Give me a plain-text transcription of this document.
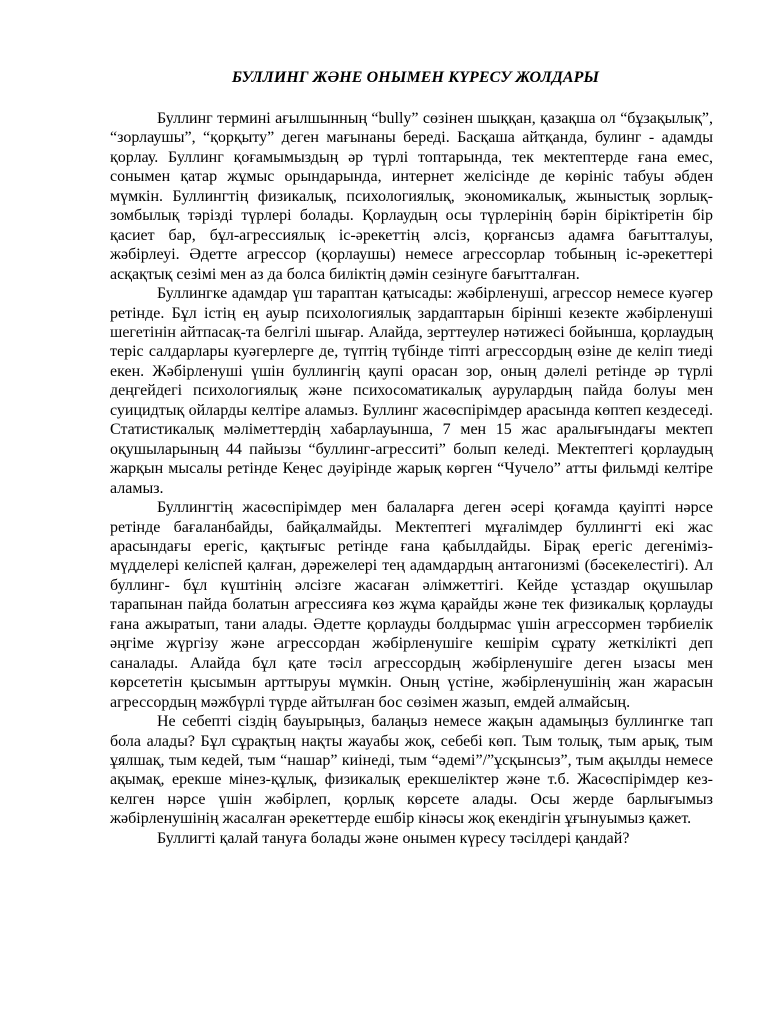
БУЛЛИНГ ЖӘНЕ ОНЫМЕН КҮРЕСУ ЖОЛДАРЫ

Буллинг термині ағылшынның “bully” сөзінен шыққан, қазақша ол “бұзақылық”, “зорлаушы”, “қорқыту” деген мағынаны береді. Басқаша айтқанда, булинг - адамды қорлау. Буллинг қоғамымыздың әр түрлі топтарында, тек мектептерде ғана емес, сонымен қатар жұмыс орындарында, интернет желісінде де көрініс табуы әбден мүмкін. Буллингтің физикалық, психологиялық, экономикалық, жыныстық зорлық-зомбылық тәрізді түрлері болады. Қорлаудың осы түрлерінің бәрін біріктіретін бір қасиет бар, бұл-агрессиялық іс-әрекеттің әлсіз, қорғансыз адамға бағытталуы, жәбірлеуі. Әдетте агрессор (қорлаушы) немесе агрессорлар тобының іс-әрекеттері асқақтық сезімі мен аз да болса биліктің дәмін сезінуге бағытталған.

Буллингке адамдар үш тараптан қатысады: жәбірленуші, агрессор немесе куәгер ретінде. Бұл істің ең ауыр психологиялық зардаптарын бірінші кезекте жәбірленуші шегетінін айтпасақ-та белгілі шығар. Алайда, зерттеулер нәтижесі бойынша, қорлаудың теріс салдарлары куәгерлерге де, түптің түбінде тіпті агрессордың өзіне де келіп тиеді екен. Жәбірленуші үшін буллингің қаупі орасан зор, оның дәлелі ретінде әр түрлі деңгейдегі психологиялық және психосоматикалық аурулардың пайда болуы мен суицидтық ойларды келтіре аламыз. Буллинг жасөспірімдер арасында көптеп кездеседі. Статистикалық мәліметтердің хабарлауынша, 7 мен 15 жас аралығындағы мектеп оқушыларының 44 пайызы “буллинг-агресситі” болып келеді. Мектептегі қорлаудың жарқын мысалы ретінде Кеңес дәуірінде жарық көрген “Чучело” атты фильмді келтіре аламыз.

Буллингтің жасөспірімдер мен балаларға деген әсері қоғамда қауіпті нәрсе ретінде бағаланбайды, байқалмайды. Мектептегі мұғалімдер буллингті екі жас арасындағы ерегіс, қақтығыс ретінде ғана қабылдайды. Бірақ ерегіс дегеніміз- мүдделері келіспей қалған, дәрежелері тең адамдардың антагонизмі (бәсекелестігі). Ал буллинг- бұл күштінің әлсізге жасаған әлімжеттігі. Кейде ұстаздар оқушылар тарапынан пайда болатын агрессияға көз жұма қарайды және тек физикалық қорлауды ғана ажыратып, тани алады. Әдетте қорлауды болдырмас үшін агрессормен тәрбиелік әңгіме жүргізу және агрессордан жәбірленушіге кешірім сұрату жеткілікті деп саналады. Алайда бұл қате тәсіл агрессордың жәбірленушіге деген ызасы мен көрсететін қысымын арттыруы мүмкін. Оның үстіне, жәбірленушінің жан жарасын агрессордың мәжбүрлі түрде айтылған бос сөзімен жазып, емдей алмайсың.

Не себепті сіздің бауырыңыз, балаңыз немесе жақын адамыңыз буллингке тап бола алады? Бұл сұрақтың нақты жауабы жоқ, себебі көп. Тым толық, тым арық, тым ұялшақ, тым кедей, тым “нашар” киінеді, тым “әдемі”/”ұсқынсыз”, тым ақылды немесе ақымақ, ерекше мінез-құлық, физикалық ерекшеліктер және т.б. Жасөспірімдер кез-келген нәрсе үшін жәбірлеп, қорлық көрсете алады. Осы жерде барлығымыз жәбірленушінің жасалған әрекеттерде ешбір кінәсы жоқ екендігін ұғынуымыз қажет.

Буллигті қалай тануға болады және онымен күресу тәсілдері қандай?
